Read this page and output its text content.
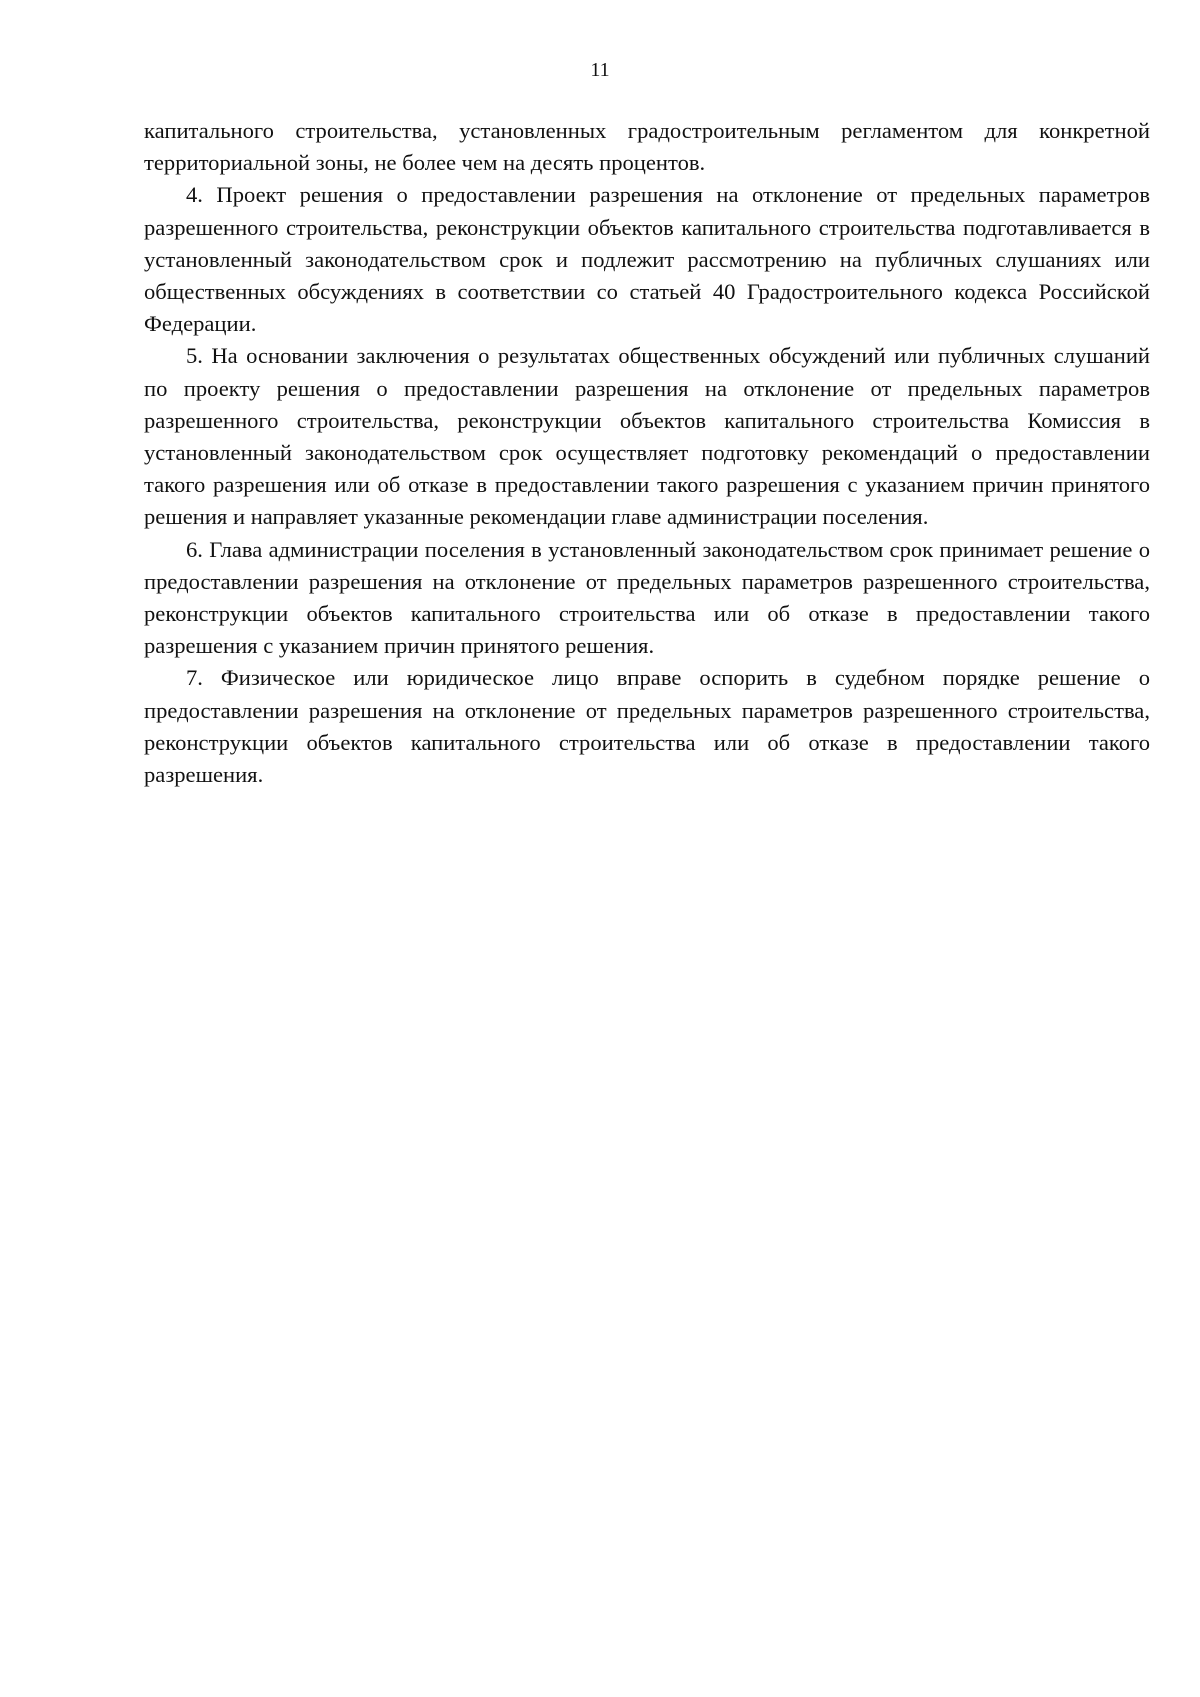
11

капитального строительства, установленных градостроительным регламентом для конкретной территориальной зоны, не более чем на десять процентов.

4. Проект решения о предоставлении разрешения на отклонение от предельных параметров разрешенного строительства, реконструкции объектов капитального строительства подготавливается в установленный законодательством срок и подлежит рассмотрению на публичных слушаниях или общественных обсуждениях в соответствии со статьей 40 Градостроительного кодекса Российской Федерации.

5. На основании заключения о результатах общественных обсуждений или публичных слушаний по проекту решения о предоставлении разрешения на отклонение от предельных параметров разрешенного строительства, реконструкции объектов капитального строительства Комиссия в установленный законодательством срок осуществляет подготовку рекомендаций о предоставлении такого разрешения или об отказе в предоставлении такого разрешения с указанием причин принятого решения и направляет указанные рекомендации главе администрации поселения.

6. Глава администрации поселения в установленный законодательством срок принимает решение о предоставлении разрешения на отклонение от предельных параметров разрешенного строительства, реконструкции объектов капитального строительства или об отказе в предоставлении такого разрешения с указанием причин принятого решения.

7. Физическое или юридическое лицо вправе оспорить в судебном порядке решение о предоставлении разрешения на отклонение от предельных параметров разрешенного строительства, реконструкции объектов капитального строительства или об отказе в предоставлении такого разрешения.
